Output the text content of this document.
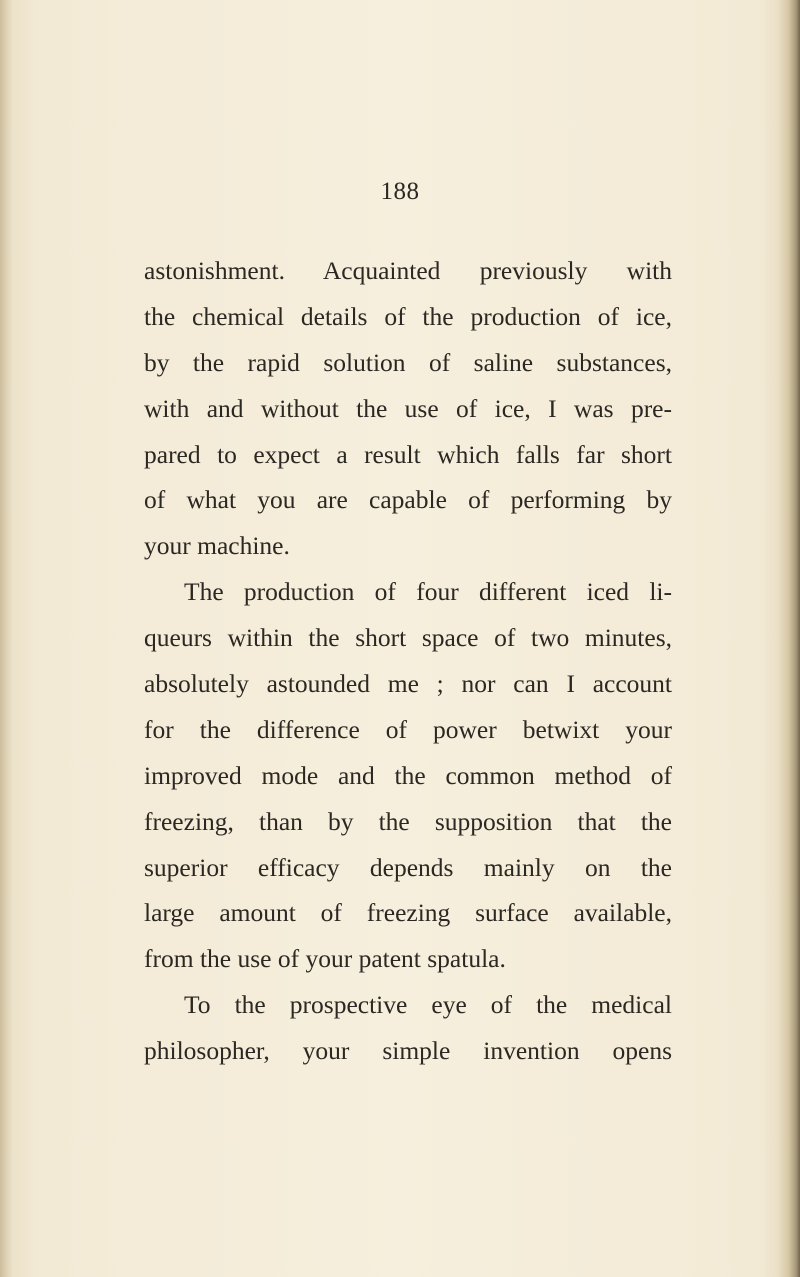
188
astonishment. Acquainted previously with
the chemical details of the production of ice,
by the rapid solution of saline substances,
with and without the use of ice, I was pre-
pared to expect a result which falls far short
of what you are capable of performing by
your machine.
The production of four different iced li-
queurs within the short space of two minutes,
absolutely astounded me ; nor can I account
for the difference of power betwixt your
improved mode and the common method of
freezing, than by the supposition that the
superior efficacy depends mainly on the
large amount of freezing surface available,
from the use of your patent spatula.
To the prospective eye of the medical
philosopher, your simple invention opens
